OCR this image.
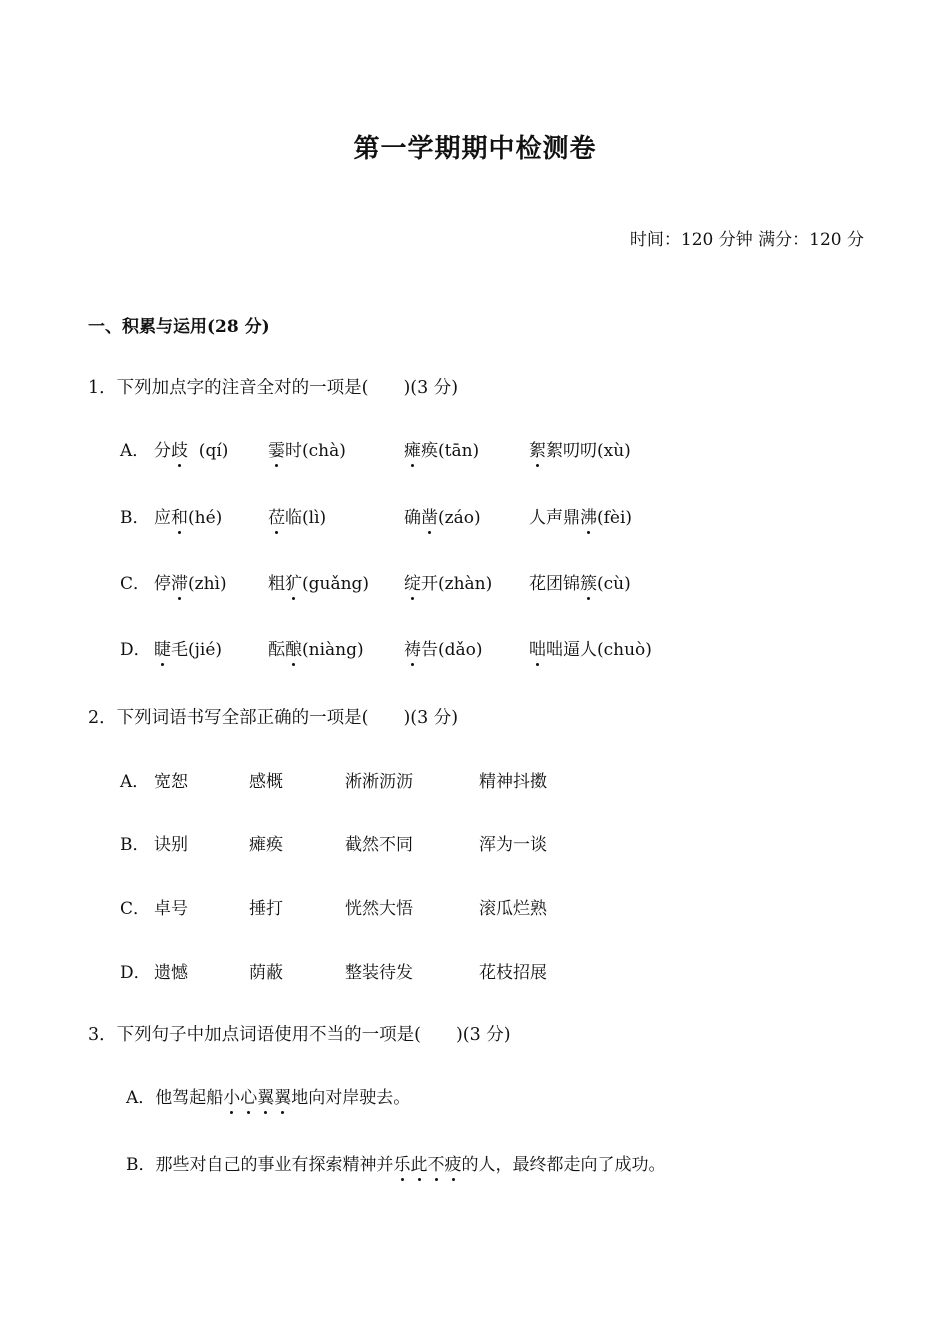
第一学期期中检测卷
时间：120 分钟 满分：120 分
一、积累与运用(28 分)
1．下列加点字的注音全对的一项是(　　)(3 分)
A． 分歧  (qí) 霎时(chà)	瘫痪(tān)	絮絮叨叨(xù)
B． 应和(hé)	莅临(lì)	确凿(záo)	人声鼎沸(fèi)
C． 停滞(zhì) 粗犷(guǎng) 绽开(zhàn) 花团锦簇(cù)
D． 睫毛(jié)	酝酿(niàng) 祷告(dǎo)	咄咄逼人(chuò)
2．下列词语书写全部正确的一项是(　　)(3 分)
A． 宽恕	感概	淅淅沥沥	精神抖擞
B． 诀别	瘫痪	截然不同	浑为一谈
C． 卓号	捶打	恍然大悟	滚瓜烂熟
D． 遗憾	荫蔽	整装待发	花枝招展
3．下列句子中加点词语使用不当的一项是(　　)(3 分)
A．他驾起船小心翼翼地向对岸驶去。
B．那些对自己的事业有探索精神并乐此不疲的人，最终都走向了成功。
